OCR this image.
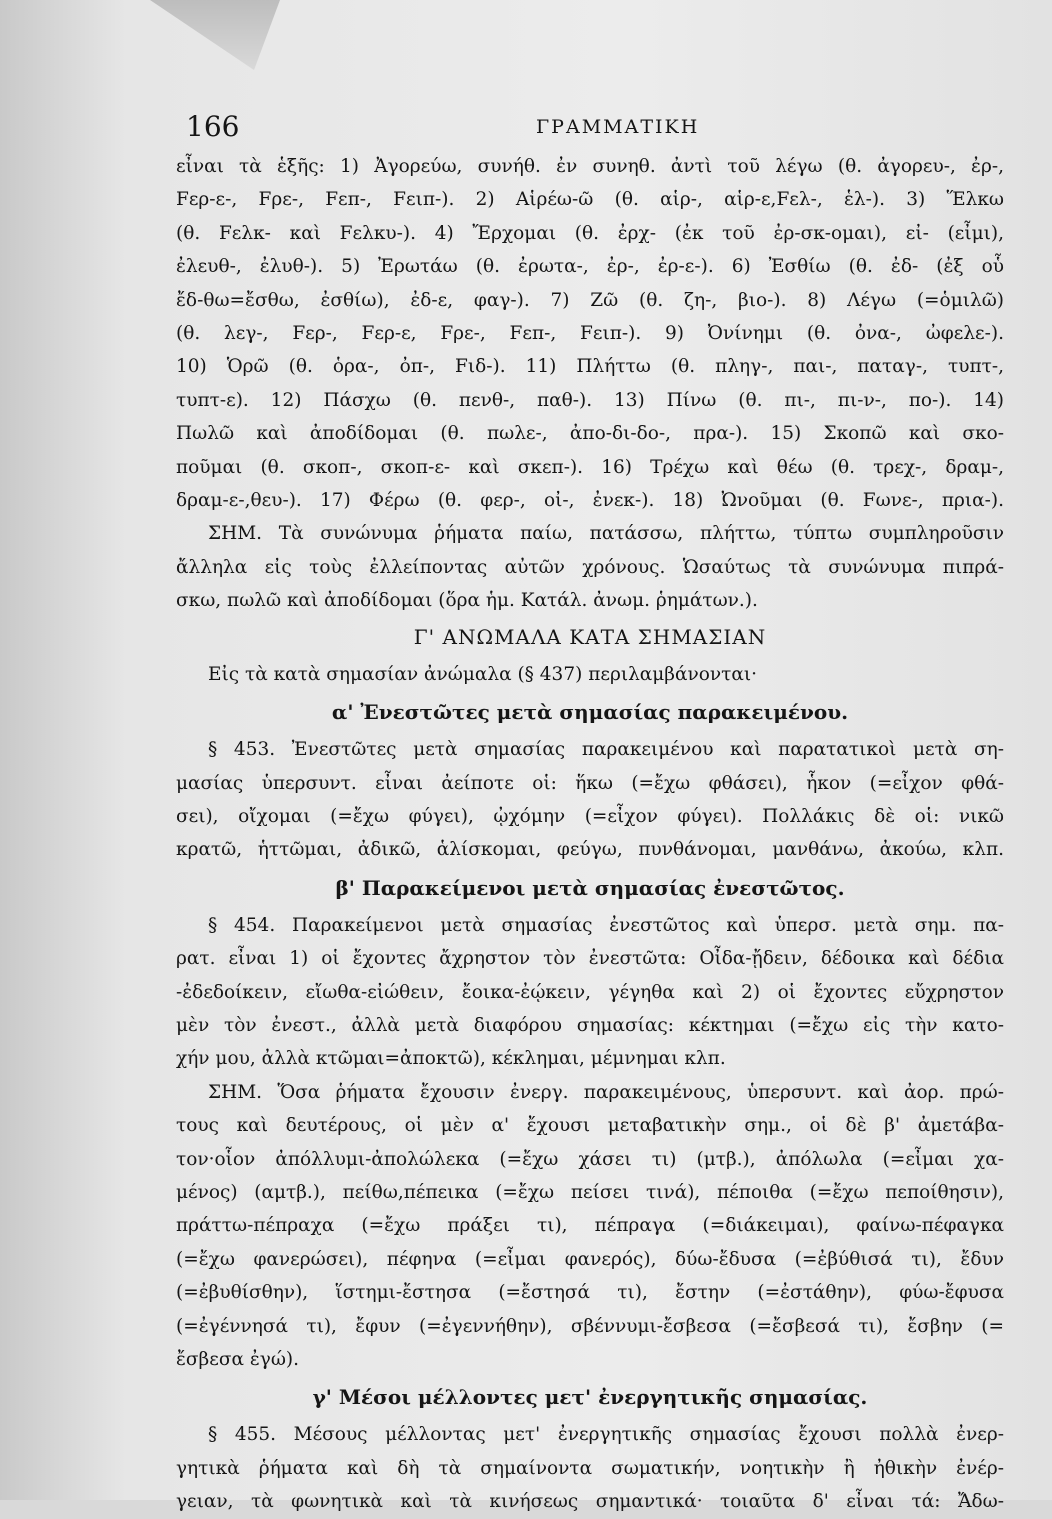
166	ΓΡΑΜΜΑΤΙΚΗ

εἶναι τὰ ἑξῆς: 1) Ἀγορεύω, συνήθ. ἐν συνηθ. ἀντὶ τοῦ λέγω (θ. ἀγορευ-, ἐρ-,

Fερ-ε-, Fρε-, Fεπ-, Fειπ-). 2) Αἱρέω-ῶ (θ. αἱρ-, αἱρ-ε,Fελ-, ἑλ-). 3) Ἕλκω

(θ. Fελκ- καὶ Fελκυ-). 4) Ἔρχομαι (θ. ἐρχ- (ἐκ τοῦ ἐρ-σκ-ομαι), εἰ- (εἶμι),

ἐλευθ-, ἐλυθ-). 5) Ἐρωτάω (θ. ἐρωτα-, ἐρ-, ἐρ-ε-). 6) Ἐσθίω (θ. ἐδ- (ἐξ οὗ

ἔδ-θω=ἔσθω, ἐσθίω), ἐδ-ε, φαγ-). 7) Ζῶ (θ. ζη-, βιο-). 8) Λέγω (=ὁμιλῶ)

(θ. λεγ-, Fερ-, Fερ-ε, Fρε-, Fεπ-, Fειπ-). 9) Ὀνίνημι (θ. ὀνα-, ὠφελε-).

10) Ὁρῶ (θ. ὁρα-, ὀπ-, Fιδ-). 11) Πλήττω (θ. πληγ-, παι-, παταγ-, τυπτ-,

τυπτ-ε). 12) Πάσχω (θ. πενθ-, παθ-). 13) Πίνω (θ. πι-, πι-ν-, πο-). 14)

Πωλῶ καὶ ἀποδίδομαι (θ. πωλε-, ἀπο-δι-δο-, πρα-). 15) Σκοπῶ καὶ σκο-

ποῦμαι (θ. σκοπ-, σκοπ-ε- καὶ σκεπ-). 16) Τρέχω καὶ θέω (θ. τρεχ-, δραμ-,

δραμ-ε-,θευ-). 17) Φέρω (θ. φερ-, οἰ-, ἐνεκ-). 18) Ὠνοῦμαι (θ. Fωνε-, πρια-).

ΣΗΜ. Τὰ συνώνυμα ῥήματα παίω, πατάσσω, πλήττω, τύπτω συμπληροῦσιν

ἄλληλα εἰς τοὺς ἐλλείποντας αὐτῶν χρόνους. Ὡσαύτως τὰ συνώνυμα πιπρά-

σκω, πωλῶ καὶ ἀποδίδομαι (ὅρα ἡμ. Κατάλ. ἀνωμ. ῥημάτων.).

Γ' ΑΝΩΜΑΛΑ ΚΑΤΑ ΣΗΜΑΣΙΑΝ

Εἰς τὰ κατὰ σημασίαν ἀνώμαλα (§ 437) περιλαμβάνονται·

α' Ἐνεστῶτες μετὰ σημασίας παρακειμένου.

§ 453. Ἐνεστῶτες μετὰ σημασίας παρακειμένου καὶ παρατατικοὶ μετὰ ση-

μασίας ὑπερσυντ. εἶναι ἀείποτε οἱ: ἥκω (=ἔχω φθάσει), ἧκον (=εἶχον φθά-

σει), οἴχομαι (=ἔχω φύγει), ᾠχόμην (=εἶχον φύγει). Πολλάκις δὲ οἱ: νικῶ

κρατῶ, ἡττῶμαι, ἀδικῶ, ἁλίσκομαι, φεύγω, πυνθάνομαι, μανθάνω, ἀκούω, κλπ.

β' Παρακείμενοι μετὰ σημασίας ἐνεστῶτος.

§ 454. Παρακείμενοι μετὰ σημασίας ἐνεστῶτος καὶ ὑπερσ. μετὰ σημ. πα-

ρατ. εἶναι 1) οἱ ἔχοντες ἄχρηστον τὸν ἐνεστῶτα: Οἶδα-ᾔδειν, δέδοικα καὶ δέδια

-ἐδεδοίκειν, εἴωθα-εἰώθειν, ἔοικα-ἐῴκειν, γέγηθα καὶ 2) οἱ ἔχοντες εὔχρηστον

μὲν τὸν ἐνεστ., ἀλλὰ μετὰ διαφόρου σημασίας: κέκτημαι (=ἔχω εἰς τὴν κατο-

χήν μου, ἀλλὰ κτῶμαι=ἀποκτῶ), κέκλημαι, μέμνημαι κλπ.

ΣΗΜ. Ὅσα ῥήματα ἔχουσιν ἐνεργ. παρακειμένους, ὑπερσυντ. καὶ ἀορ. πρώ-

τους καὶ δευτέρους, οἱ μὲν α' ἔχουσι μεταβατικὴν σημ., οἱ δὲ β' ἀμετάβα-

τον·οἷον ἀπόλλυμι-ἀπολώλεκα (=ἔχω χάσει τι) (μτβ.), ἀπόλωλα (=εἶμαι χα-

μένος) (αμτβ.), πείθω,πέπεικα (=ἔχω πείσει τινά), πέποιθα (=ἔχω πεποίθησιν),

πράττω-πέπραχα (=ἔχω πράξει τι), πέπραγα (=διάκειμαι), φαίνω-πέφαγκα

(=ἔχω φανερώσει), πέφηνα (=εἶμαι φανερός), δύω-ἔδυσα (=ἐβύθισά τι), ἔδυν

(=ἐβυθίσθην), ἵστημι-ἔστησα (=ἔστησά τι), ἔστην (=ἐστάθην), φύω-ἔφυσα

(=ἐγέννησά τι), ἔφυν (=ἐγεννήθην), σβέννυμι-ἔσβεσα (=ἔσβεσά τι), ἔσβην (=

ἔσβεσα ἐγώ).

γ' Μέσοι μέλλοντες μετ' ἐνεργητικῆς σημασίας.

§ 455. Μέσους μέλλοντας μετ' ἐνεργητικῆς σημασίας ἔχουσι πολλὰ ἐνερ-

γητικὰ ῥήματα καὶ δὴ τὰ σημαίνοντα σωματικήν, νοητικὴν ἢ ἠθικὴν ἐνέρ-

γειαν, τὰ φωνητικὰ καὶ τὰ κινήσεως σημαντικά· τοιαῦτα δ' εἶναι τά: Ἄδω-
